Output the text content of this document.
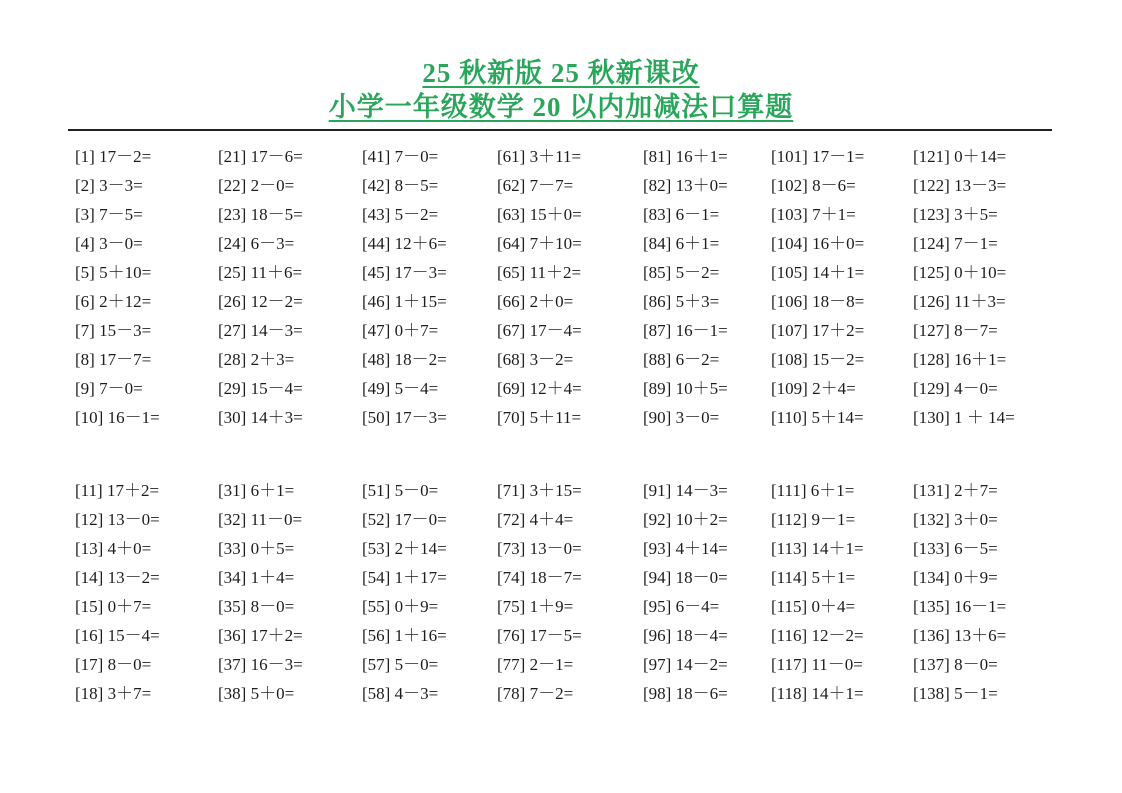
25 秋新版 25 秋新课改
小学一年级数学 20 以内加减法口算题
[1] 17－2=
[2] 3－3=
[3] 7－5=
[4] 3－0=
[5] 5＋10=
[6] 2＋12=
[7] 15－3=
[8] 17－7=
[9] 7－0=
[10] 16－1=
[21] 17－6=
[22] 2－0=
[23] 18－5=
[24] 6－3=
[25] 11＋6=
[26] 12－2=
[27] 14－3=
[28] 2＋3=
[29] 15－4=
[30] 14＋3=
[41] 7－0=
[42] 8－5=
[43] 5－2=
[44] 12＋6=
[45] 17－3=
[46] 1＋15=
[47] 0＋7=
[48] 18－2=
[49] 5－4=
[50] 17－3=
[61] 3＋11=
[62] 7－7=
[63] 15＋0=
[64] 7＋10=
[65] 11＋2=
[66] 2＋0=
[67] 17－4=
[68] 3－2=
[69] 12＋4=
[70] 5＋11=
[81] 16＋1=
[82] 13＋0=
[83] 6－1=
[84] 6＋1=
[85] 5－2=
[86] 5＋3=
[87] 16－1=
[88] 6－2=
[89] 10＋5=
[90] 3－0=
[101] 17－1=
[102] 8－6=
[103] 7＋1=
[104] 16＋0=
[105] 14＋1=
[106] 18－8=
[107] 17＋2=
[108] 15－2=
[109] 2＋4=
[110] 5＋14=
[121] 0＋14=
[122] 13－3=
[123] 3＋5=
[124] 7－1=
[125] 0＋10=
[126] 11＋3=
[127] 8－7=
[128] 16＋1=
[129] 4－0=
[130] 1 ＋ 14=
[11] 17＋2=
[12] 13－0=
[13] 4＋0=
[14] 13－2=
[15] 0＋7=
[16] 15－4=
[17] 8－0=
[18] 3＋7=
[31] 6＋1=
[32] 11－0=
[33] 0＋5=
[34] 1＋4=
[35] 8－0=
[36] 17＋2=
[37] 16－3=
[38] 5＋0=
[51] 5－0=
[52] 17－0=
[53] 2＋14=
[54] 1＋17=
[55] 0＋9=
[56] 1＋16=
[57] 5－0=
[58] 4－3=
[71] 3＋15=
[72] 4＋4=
[73] 13－0=
[74] 18－7=
[75] 1＋9=
[76] 17－5=
[77] 2－1=
[78] 7－2=
[91] 14－3=
[92] 10＋2=
[93] 4＋14=
[94] 18－0=
[95] 6－4=
[96] 18－4=
[97] 14－2=
[98] 18－6=
[111] 6＋1=
[112] 9－1=
[113] 14＋1=
[114] 5＋1=
[115] 0＋4=
[116] 12－2=
[117] 11－0=
[118] 14＋1=
[131] 2＋7=
[132] 3＋0=
[133] 6－5=
[134] 0＋9=
[135] 16－1=
[136] 13＋6=
[137] 8－0=
[138] 5－1=
